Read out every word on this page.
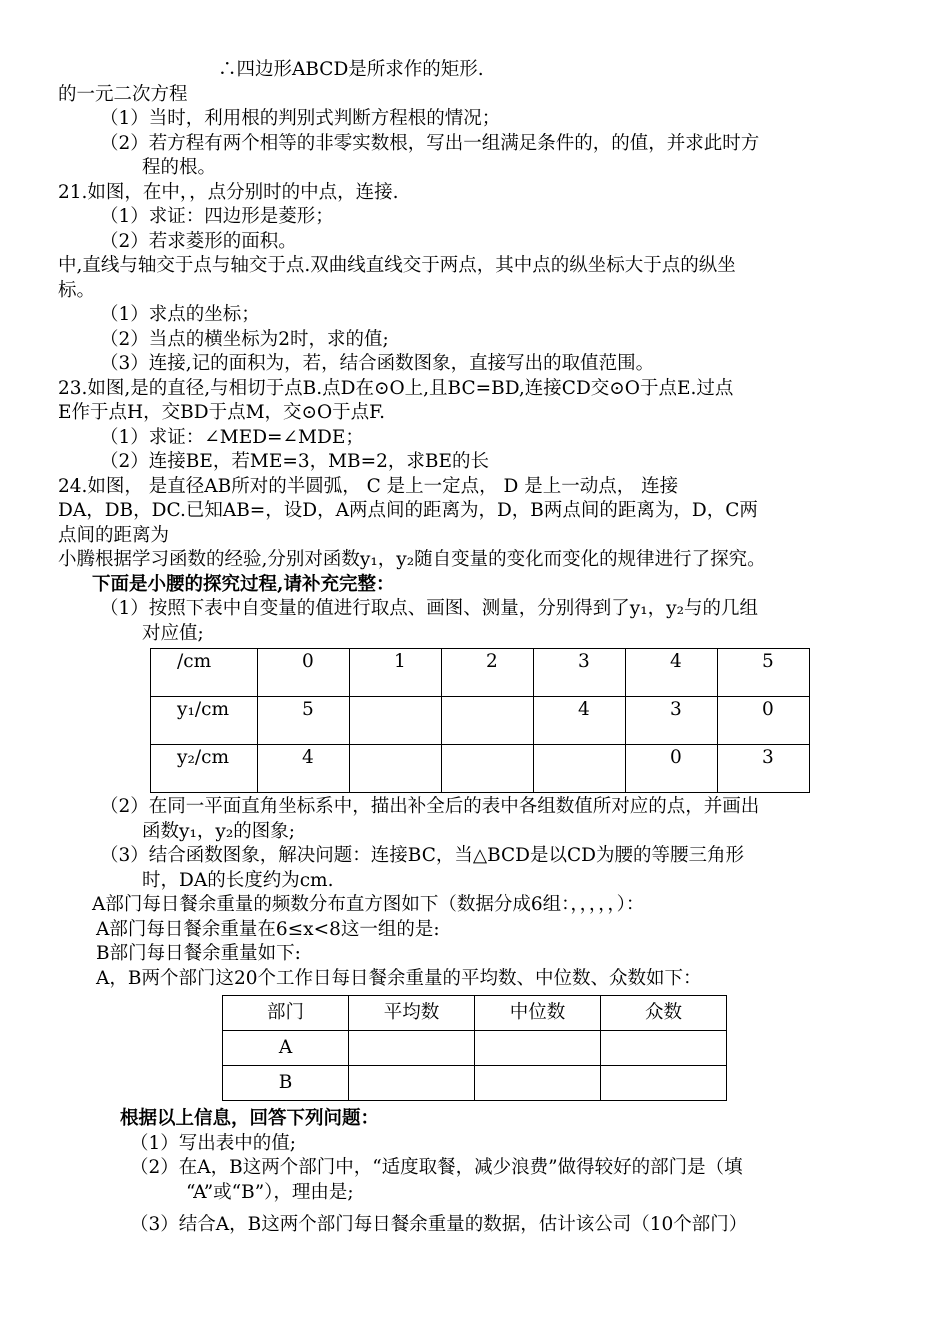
∴四边形ABCD是所求作的矩形.
的一元二次方程
（1）当时，利用根的判别式判断方程根的情况；
（2）若方程有两个相等的非零实数根，写出一组满足条件的，的值，并求此时方
程的根。
21.如图，在中，，点分别时的中点，连接.
（1）求证：四边形是菱形；
（2）若求菱形的面积。
中,直线与轴交于点与轴交于点.双曲线直线交于两点，其中点的纵坐标大于点的纵坐
标。
（1）求点的坐标；
（2）当点的横坐标为2时，求的值;
（3）连接,记的面积为，若，结合函数图象，直接写出的取值范围。
23.如图,是的直径,与相切于点B.点D在⊙O上,且BC=BD,连接CD交⊙O于点E.过点
E作于点H，交BD于点M，交⊙O于点F.
（1）求证：∠MED=∠MDE；
（2）连接BE，若ME=3，MB=2，求BE的长
24.如图， 是直径AB所对的半圆弧， C 是上一定点， D 是上一动点， 连接
DA，DB，DC.已知AB=，设D，A两点间的距离为，D，B两点间的距离为，D，C两
点间的距离为
小腾根据学习函数的经验,分别对函数y₁，y₂随自变量的变化而变化的规律进行了探究。
下面是小腰的探究过程,请补充完整：
（1）按照下表中自变量的值进行取点、画图、测量，分别得到了y₁，y₂与的几组
对应值;
/cm	0	1	2	3	4	5
y₁/cm	5			4	3	0
y₂/cm	4				0	3
（2）在同一平面直角坐标系中，描出补全后的表中各组数值所对应的点，并画出
函数y₁，y₂的图象;
（3）结合函数图象，解决问题：连接BC，当△BCD是以CD为腰的等腰三角形
时，DA的长度约为cm.
A部门每日餐余重量的频数分布直方图如下（数据分成6组：，，，，，）：
A部门每日餐余重量在6≤x<8这一组的是:
B部门每日餐余重量如下:
A，B两个部门这20个工作日每日餐余重量的平均数、中位数、众数如下：
部门	平均数	中位数	众数
A			
B			
根据以上信息，回答下列问题：
（1）写出表中的值;
（2）在A，B这两个部门中，“适度取餐，减少浪费”做得较好的部门是（填
“A”或“B”），理由是;
（3）结合A，B这两个部门每日餐余重量的数据，估计该公司（10个部门）
